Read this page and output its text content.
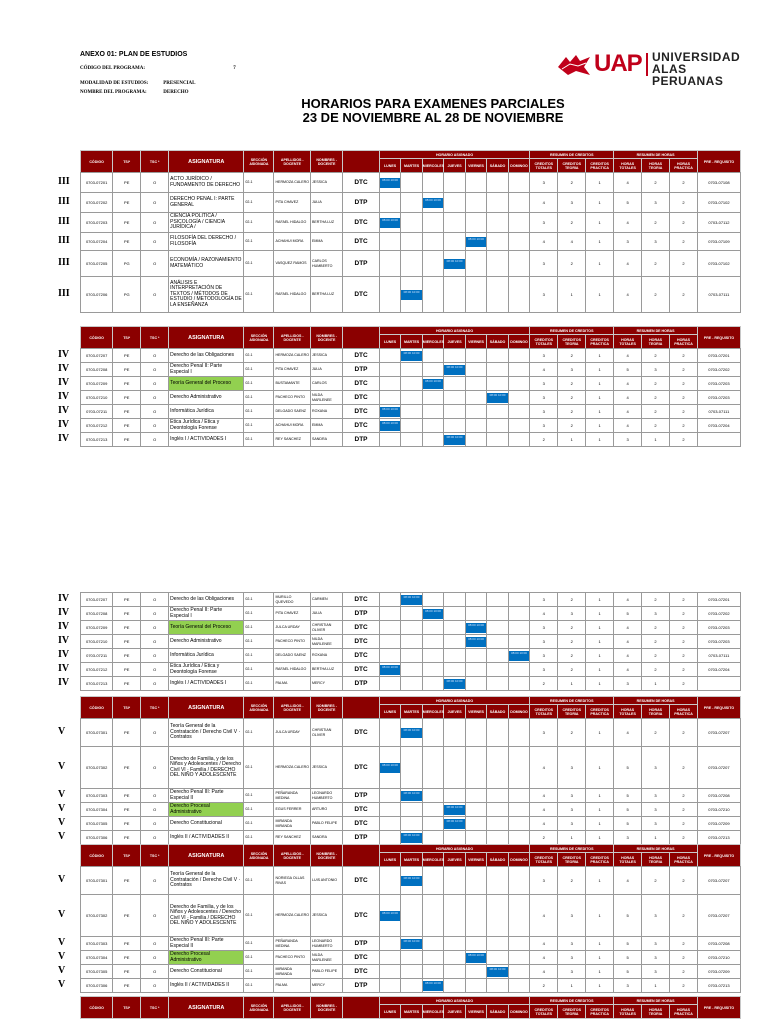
ANEXO 01: PLAN DE ESTUDIOS
CÓDIGO DEL PROGRAMA:	7
MODALIDAD DE ESTUDIOS:	PRESENCIAL
NOMBRE DEL PROGRAMA:	DERECHO
UAP UNIVERSIDAD
ALAS PERUANAS
HORARIOS PARA EXAMENES PARCIALES
23 DE NOVIEMBRE AL 28 DE NOVIEMBRE
CÓDIGO	TSI*	TSC *	ASIGNATURA	SECCIÓN ASIGNADA	APELLIDOS - DOCENTE	NOMBRES - DOCENTE		HORARIO ASIGNADO							RESUMEN DE CREDITOS			RESUMEN DE HORAS			PRE - REQUISITO
								LUNES	MARTES	MIERCOLES	JUEVES	VIERNES	SÁBADO	DOMINGO	CREDITOS TOTALES	CREDITOS TEORIA	CREDITOS PRACTICA	HORAS TOTALES	HORAS TEORIA	HORAS PRACTICA	
0703-07201	PE	O	ACTO JURÍDICO / FUNDAMENTO DE DERECHO	02-1	HERMOZA CALERO	JESSICA	DTC	08:00 10:00							3	2	1	4	2	2	0703-07108
0703-07202	PE	O	DERECHO PENAL I: PARTE GENERAL	02-1	PITA CHAVEZ	JULIA	DTP			08:00 10:00					4	3	1	5	3	2	0703-07102
0703-07203	PE	O	CIENCIA POLÍTICA / PSICOLOGÍA / CIENCIA JURÍDICA /	02-1	RAFAEL HIDALGO	BERTHA LUZ	DTC	08:00 10:00							3	2	1	4	2	2	0703-07112
0703-07204	PE	O	FILOSOFÍA DEL DERECHO / FILOSOFÍA	02-1	ACHAHUI MORA	EMMA	DTC					08:00 10:00			4	4	1	3	3	2	0703-07109
0703-07205	PG	O	ECONOMÍA / RAZONAMIENTO MATEMÁTICO	02-1	VASQUEZ RAMOS	CARLOS HUMBERTO	DTP				08:00 10:00				3	2	1	4	2	2	0703-07102
0703-07206	PG	O	ANÁLISIS E INTERPRETACIÓN DE TEXTOS / MÉTODOS DE ESTUDIO / METODOLOGÍA DE LA ENSEÑANZA	02-1	RAFAEL HIDALGO	BERTHA LUZ	DTC		08:00 10:00						3	1	1	4	2	2	0703-07111
III
III
III
III
III
III
CÓDIGO	TSI*	TSC *	ASIGNATURA	SECCIÓN ASIGNADA	APELLIDOS - DOCENTE	NOMBRES - DOCENTE		HORARIO ASIGNADO							RESUMEN DE CREDITOS			RESUMEN DE HORAS			PRE - REQUISITO
								LUNES	MARTES	MIERCOLES	JUEVES	VIERNES	SÁBADO	DOMINGO	CREDITOS TOTALES	CREDITOS TEORIA	CREDITOS PRACTICA	HORAS TOTALES	HORAS TEORIA	HORAS PRACTICA	
0703-07207	PE	O	Derecho de las Obligaciones	02-1	HERMOZA CALERO	JESSICA	DTC		08:00 10:00						3	2	1	4	2	2	0703-07201
0703-07208	PE	O	Derecho Penal II: Parte Especial I	02-1	PITA CHAVEZ	JULIA	DTP				08:00 10:00				4	3	1	5	3	2	0703-07202
0703-07209	PE	O	Teoría General del Proceso	02-1	BUSTAMANTE	CARLOS	DTC			08:00 10:00					3	2	1	4	2	2	0703-07203
0703-07210	PE	O	Derecho Administrativo	02-1	PACHECO PINTO	NILDA MARLENEE	DTC						08:00 10:00		3	2	1	4	2	2	0703-07203
0703-07211	PE	O	Informática Jurídica	02-1	DELGADO SAENZ	ROXANA	DTC	08:00 10:00							3	2	1	4	2	2	0703-07111
0703-07212	PE	O	Ética Jurídica / Ética y Deontología Forense	02-1	ACHAHUI MORA	EMMA	DTC	08:00 10:00							3	2	1	4	2	2	0703-07204
0703-07213	PE	O	Inglés I / ACTIVIDADES I	02-1	REY SANCHEZ	SANDRA	DTP				08:00 10:00				2	1	1	3	1	2	
IV
IV
IV
IV
IV
IV
IV
0703-07207	PE	O	Derecho de las Obligaciones	02-1	MURILLO QUEVEDO	CARMEN	DTC		08:00 10:00						3	2	1	4	2	2	0703-07201
0703-07208	PE	O	Derecho Penal II: Parte Especial I	02-1	PITA CHAVEZ	JULIA	DTP			08:00 10:00					4	3	1	5	3	2	0703-07202
0703-07209	PE	O	Teoría General del Proceso	02-1	JULCA URDAY	CHRISTIAN OLIVER	DTC					08:00 10:00			3	2	1	4	2	2	0703-07203
0703-07210	PE	O	Derecho Administrativo	02-1	PACHECO PINTO	NILDA MARLENEE	DTC					08:00 10:00			3	2	1	4	2	2	0703-07203
0703-07211	PE	O	Informática Jurídica	02-1	DELGADO SAENZ	ROXANA	DTC							08:00 10:00	3	2	1	4	2	2	0703-07111
0703-07212	PE	O	Ética Jurídica / Ética y Deontología Forense	02-1	RAFAEL HIDALGO	BERTHA LUZ	DTC	08:00 10:00							3	2	1	4	2	2	0703-07204
0703-07213	PE	O	Inglés I / ACTIVIDADES I	02-1	PALMA	MERCY	DTP				08:00 10:00				2	1	1	3	1	2	
IV
IV
IV
IV
IV
IV
IV
CÓDIGO	TSI*	TSC *	ASIGNATURA	SECCIÓN ASIGNADA	APELLIDOS - DOCENTE	NOMBRES - DOCENTE		HORARIO ASIGNADO							RESUMEN DE CREDITOS			RESUMEN DE HORAS			PRE - REQUISITO
								LUNES	MARTES	MIERCOLES	JUEVES	VIERNES	SÁBADO	DOMINGO	CREDITOS TOTALES	CREDITOS TEORIA	CREDITOS PRACTICA	HORAS TOTALES	HORAS TEORIA	HORAS PRACTICA	
0703-07301	PE	O	Teoría General de la Contratación / Derecho Civil V · Contratos	02-1	JULCA URDAY	CHRISTIAN OLIVER	DTC		08:00 10:00						3	2	1	4	2	2	0703-07207
0703-07302	PE	O	Derecho de Familia, y de los Niños y Adolescentes / Derecho Civil VI · Familia / DERECHO DEL NIÑO Y ADOLESCENTE	02-1	HERMOZA CALERO	JESSICA	DTC	08:00 10:00							4	3	1	5	3	2	0703-07207
0703-07303	PE	O	Derecho Penal III: Parte Especial II	02-1	PEÑARANDA MEDINA	LEONARDO HUMBERTO	DTP		08:00 10:00						4	3	1	5	3	2	0703-07208
0703-07304	PE	O	Derecho Procesal Administrativo	02-1	EGUS FERRER	ARTURO	DTC				08:00 10:00				4	3	1	5	3	2	0703-07210
0703-07305	PE	O	Derecho Constitucional	02-1	MIRANDA MIRANDA	PABLO FELIPE	DTC				08:00 10:00				4	3	1	5	3	2	0703-07209
0703-07306	PE	O	Inglés II / ACTIVIDADES II	02-1	REY SANCHEZ	SANDRA	DTP		08:00 10:00						2	1	1	3	1	2	0703-07213
V
V
V
V
V
V
CÓDIGO	TSI*	TSC *	ASIGNATURA	SECCIÓN ASIGNADA	APELLIDOS - DOCENTE	NOMBRES - DOCENTE		HORARIO ASIGNADO							RESUMEN DE CREDITOS			RESUMEN DE HORAS			PRE - REQUISITO
								LUNES	MARTES	MIERCOLES	JUEVES	VIERNES	SÁBADO	DOMINGO	CREDITOS TOTALES	CREDITOS TEORIA	CREDITOS PRACTICA	HORAS TOTALES	HORAS TEORIA	HORAS PRACTICA	
0703-07301	PE	O	Teoría General de la Contratación / Derecho Civil V · Contratos	02-1	NORIEGA OLLAS RIVAS	LUIS ANTONIO	DTC		08:00 10:00						3	2	1	4	2	2	0703-07207
0703-07302	PE	O	Derecho de Familia, y de los Niños y Adolescentes / Derecho Civil VI · Familia / DERECHO DEL NIÑO Y ADOLESCENTE	02-1	HERMOZA CALERO	JESSICA	DTC	08:00 10:00							4	3	1	5	3	2	0703-07207
0703-07303	PE	O	Derecho Penal III: Parte Especial II	02-1	PEÑARANDA MEDINA	LEONARDO HUMBERTO	DTP		08:00 10:00						4	3	1	5	3	2	0703-07208
0703-07304	PE	O	Derecho Procesal Administrativo	02-1	PACHECO PINTO	NILDA MARLENEE	DTC					08:00 10:00			4	3	1	5	3	2	0703-07210
0703-07305	PE	O	Derecho Constitucional	02-1	MIRANDA MIRANDA	PABLO FELIPE	DTC						08:00 10:00		4	3	1	5	3	2	0703-07209
0703-07306	PE	O	Inglés II / ACTIVIDADES II	02-1	PALMA	MERCY	DTP			08:00 10:00					2	1	1	3	1	2	0703-07213
V
V
V
V
V
V
CÓDIGO	TSI*	TSC *	ASIGNATURA	SECCIÓN ASIGNADA	APELLIDOS - DOCENTE	NOMBRES - DOCENTE		HORARIO ASIGNADO							RESUMEN DE CREDITOS			RESUMEN DE HORAS			PRE - REQUISITO
								LUNES	MARTES	MIERCOLES	JUEVES	VIERNES	SÁBADO	DOMINGO	CREDITOS TOTALES	CREDITOS TEORIA	CREDITOS PRACTICA	HORAS TOTALES	HORAS TEORIA	HORAS PRACTICA	
